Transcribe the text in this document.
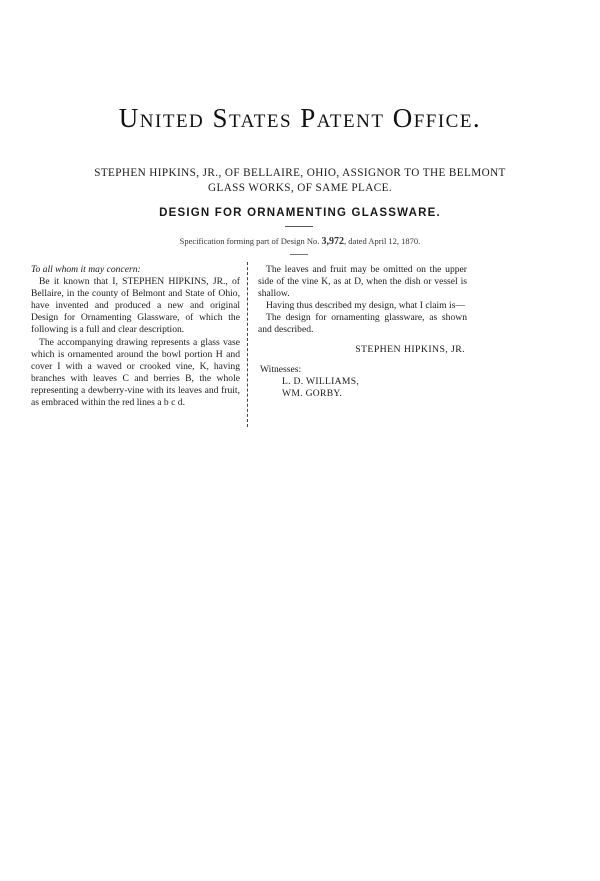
United States Patent Office.
STEPHEN HIPKINS, JR., OF BELLAIRE, OHIO, ASSIGNOR TO THE BELMONT
GLASS WORKS, OF SAME PLACE.
DESIGN FOR ORNAMENTING GLASSWARE.
Specification forming part of Design No. 3,972, dated April 12, 1870.

To all whom it may concern:

Be it known that I, STEPHEN HIPKINS, JR., of Bellaire, in the county of Belmont and State of Ohio, have invented and produced a new and original Design for Ornamenting Glassware, of which the following is a full and clear description.

The accompanying drawing represents a glass vase which is ornamented around the bowl portion H and cover I with a waved or crooked vine, K, having branches with leaves C and berries B, the whole representing a dewberry-vine with its leaves and fruit, as embraced within the red lines a b c d.

The leaves and fruit may be omitted on the upper side of the vine K, as at D, when the dish or vessel is shallow.

Having thus described my design, what I claim is—

The design for ornamenting glassware, as shown and described.

STEPHEN HIPKINS, JR.
Witnesses:
L. D. WILLIAMS,
WM. GORBY.
